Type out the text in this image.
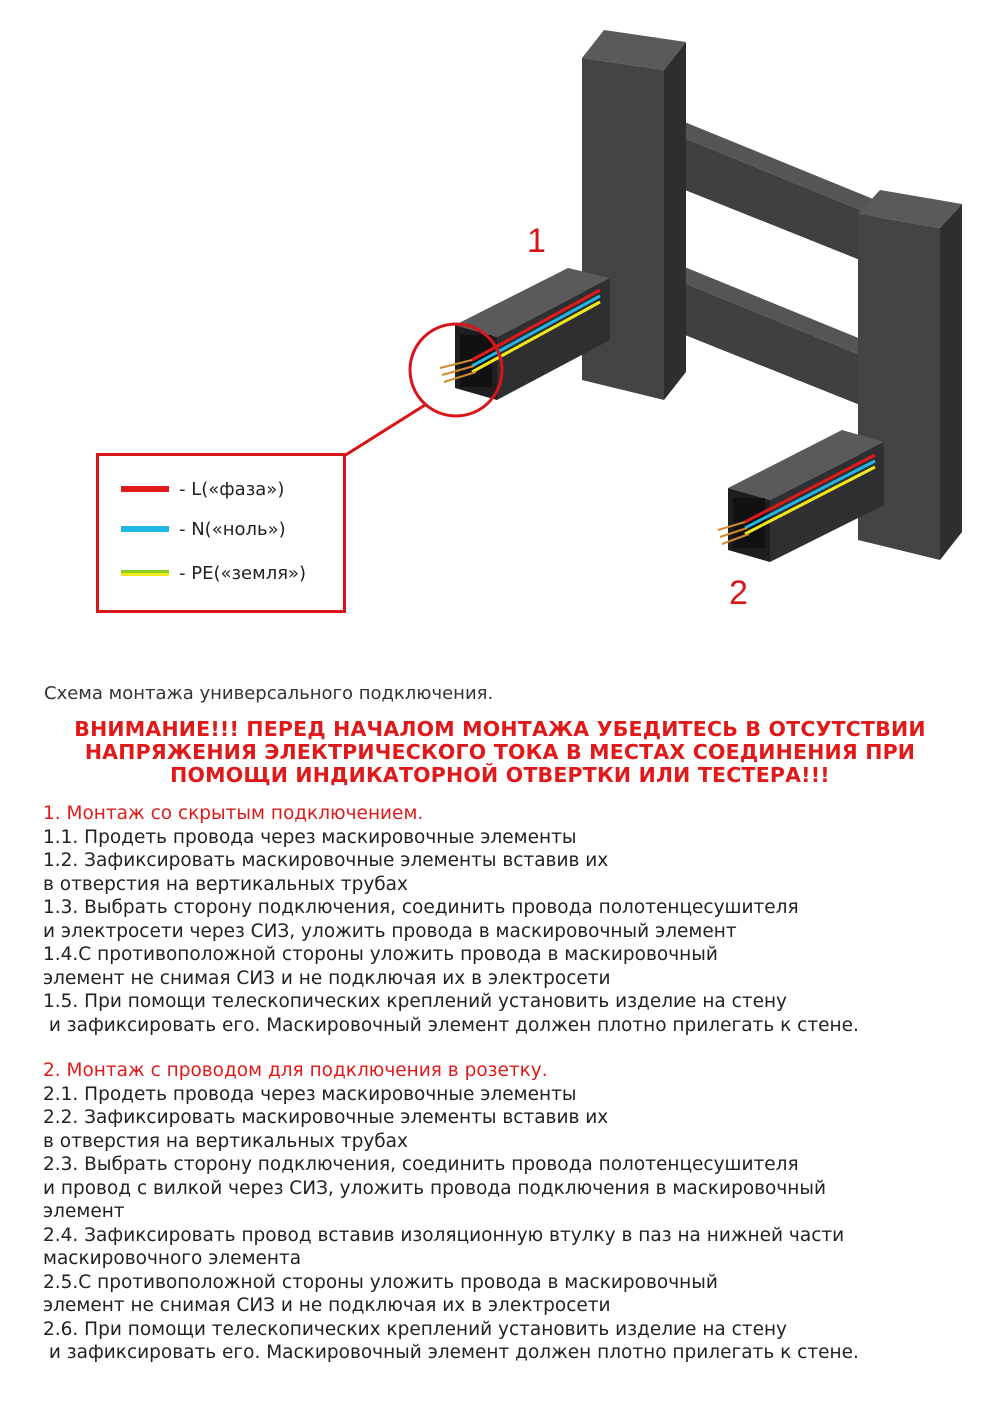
1
2
- L(«фаза»)
- N(«ноль»)
- PE(«земля»)
Схема монтажа универсального подключения.
ВНИМАНИЕ!!! ПЕРЕД НАЧАЛОМ МОНТАЖА УБЕДИТЕСЬ В ОТСУТСТВИИ
НАПРЯЖЕНИЯ ЭЛЕКТРИЧЕСКОГО ТОКА В МЕСТАХ СОЕДИНЕНИЯ ПРИ
ПОМОЩИ ИНДИКАТОРНОЙ ОТВЕРТКИ ИЛИ ТЕСТЕРА!!!
1. Монтаж со скрытым подключением.
1.1. Продеть провода через маскировочные элементы
1.2. Зафиксировать маскировочные элементы вставив их
в отверстия на вертикальных трубах
1.3. Выбрать сторону подключения, соединить провода полотенцесушителя
и электросети через СИЗ, уложить провода в маскировочный элемент
1.4.С противоположной стороны уложить провода в маскировочный
элемент не снимая СИЗ и не подключая их в электросети
1.5. При помощи телескопических креплений установить изделие на стену
и зафиксировать его. Маскировочный элемент должен плотно прилегать к стене.
2. Монтаж с проводом для подключения в розетку.
2.1. Продеть провода через маскировочные элементы
2.2. Зафиксировать маскировочные элементы вставив их
в отверстия на вертикальных трубах
2.3. Выбрать сторону подключения, соединить провода полотенцесушителя
и провод с вилкой через СИЗ, уложить провода подключения в маскировочный
элемент
2.4. Зафиксировать провод вставив изоляционную втулку в паз на нижней части
маскировочного элемента
2.5.С противоположной стороны уложить провода в маскировочный
элемент не снимая СИЗ и не подключая их в электросети
2.6. При помощи телескопических креплений установить изделие на стену
и зафиксировать его. Маскировочный элемент должен плотно прилегать к стене.
